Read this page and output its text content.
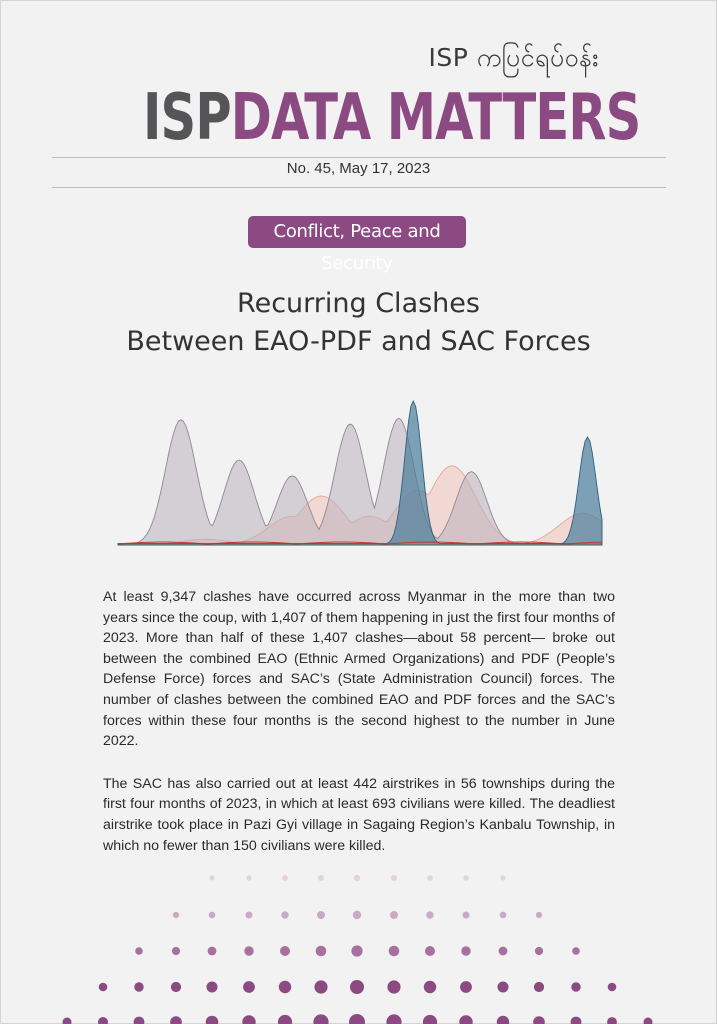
ISP ကပြင်ရပ်ဝန်း
ISPDATA MATTERS
No. 45, May 17, 2023
Conflict, Peace and Security
Recurring Clashes
Between EAO-PDF and SAC Forces

At least 9,347 clashes have occurred across Myanmar in the more than two years since the coup, with 1,407 of them happening in just the first four months of 2023. More than half of these 1,407 clashes—about 58 percent— broke out between the combined EAO (Ethnic Armed Organizations) and PDF (People’s Defense Force) forces and SAC’s (State Administration Council) forces. The number of clashes between the combined EAO and PDF forces and the SAC’s forces within these four months is the second highest to the number in June 2022.

The SAC has also carried out at least 442 airstrikes in 56 townships during the first four months of 2023, in which at least 693 civilians were killed. The deadliest airstrike took place in Pazi Gyi village in Sagaing Region’s Kanbalu Township, in which no fewer than 150 civilians were killed.
